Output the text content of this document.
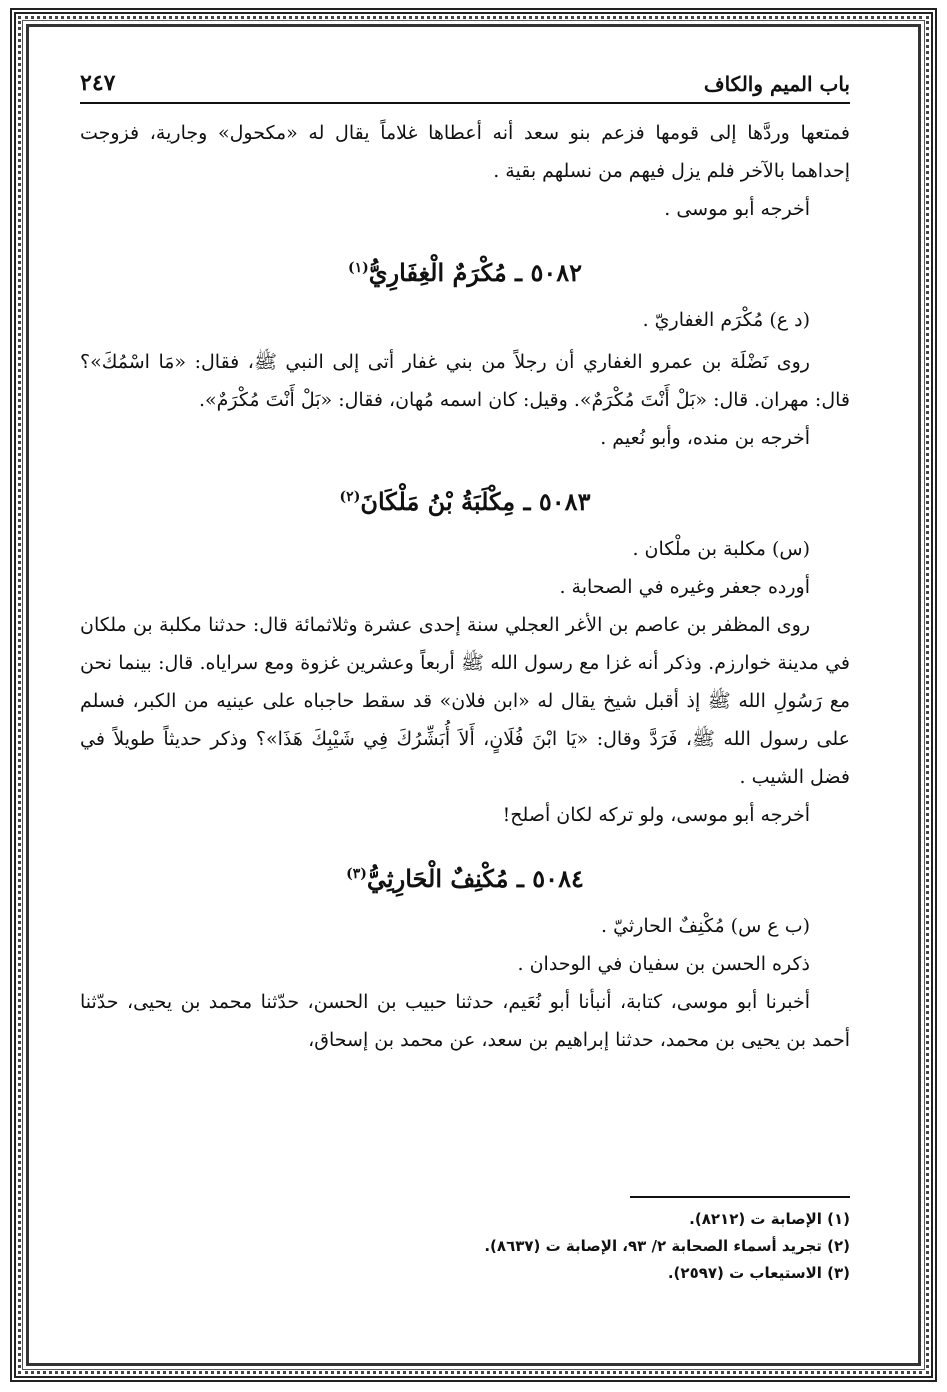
باب الميم والكاف
٢٤٧

فمتعها وردَّها إلى قومها فزعم بنو سعد أنه أعطاها غلاماً يقال له «مكحول» وجارية، فزوجت إحداهما بالآخر فلم يزل فيهم من نسلهم بقية .

أخرجه أبو موسى .

٥٠٨٢ ـ مُكْرَمٌ الْغِفَارِيُّ$^{(١)}$

(د ع) مُكْرَم الغفاريّ .

روى نَضْلَة بن عمرو الغفاري أن رجلاً من بني غفار أتى إلى النبي ﷺ، فقال: «مَا اسْمُكَ»؟ قال: مهران. قال: «بَلْ أَنْتَ مُكْرَمٌ». وقيل: كان اسمه مُهان، فقال: «بَلْ أَنْتَ مُكْرَمٌ».

أخرجه بن منده، وأبو نُعيم .

٥٠٨٣ ـ مِكْلَبَةُ بْنُ مَلْكَانَ$^{(٢)}$

(س) مكلبة بن ملْكان .

أورده جعفر وغيره في الصحابة .

روى المظفر بن عاصم بن الأغر العجلي سنة إحدى عشرة وثلاثمائة قال: حدثنا مكلبة بن ملكان في مدينة خوارزم. وذكر أنه غزا مع رسول الله ﷺ أربعاً وعشرين غزوة ومع سراياه. قال: بينما نحن مع رَسُولِ الله ﷺ إذ أقبل شيخ يقال له «ابن فلان» قد سقط حاجباه على عينيه من الكبر، فسلم على رسول الله ﷺ، فَرَدَّ وقال: «يَا ابْنَ فُلَانٍ، أَلاَ أُبَشِّرُكَ فِي شَيْبِكَ هَذَا»؟ وذكر حديثاً طويلاً في فضل الشيب .

أخرجه أبو موسى، ولو تركه لكان أصلح!

٥٠٨٤ ـ مُكْنِفٌ الْحَارِثِيُّ$^{(٣)}$

(ب ع س) مُكْنِفٌ الحارثيّ .

ذكره الحسن بن سفيان في الوحدان .

أخبرنا أبو موسى، كتابة، أنبأنا أبو نُعَيم، حدثنا حبيب بن الحسن، حدّثنا محمد بن يحيى، حدّثنا أحمد بن يحيى بن محمد، حدثنا إبراهيم بن سعد، عن محمد بن إسحاق،

(١) الإصابة ت (٨٢١٢).

(٢) تجريد أسماء الصحابة ٢/ ٩٣، الإصابة ت (٨٦٣٧).

(٣) الاستيعاب ت (٢٥٩٧).
